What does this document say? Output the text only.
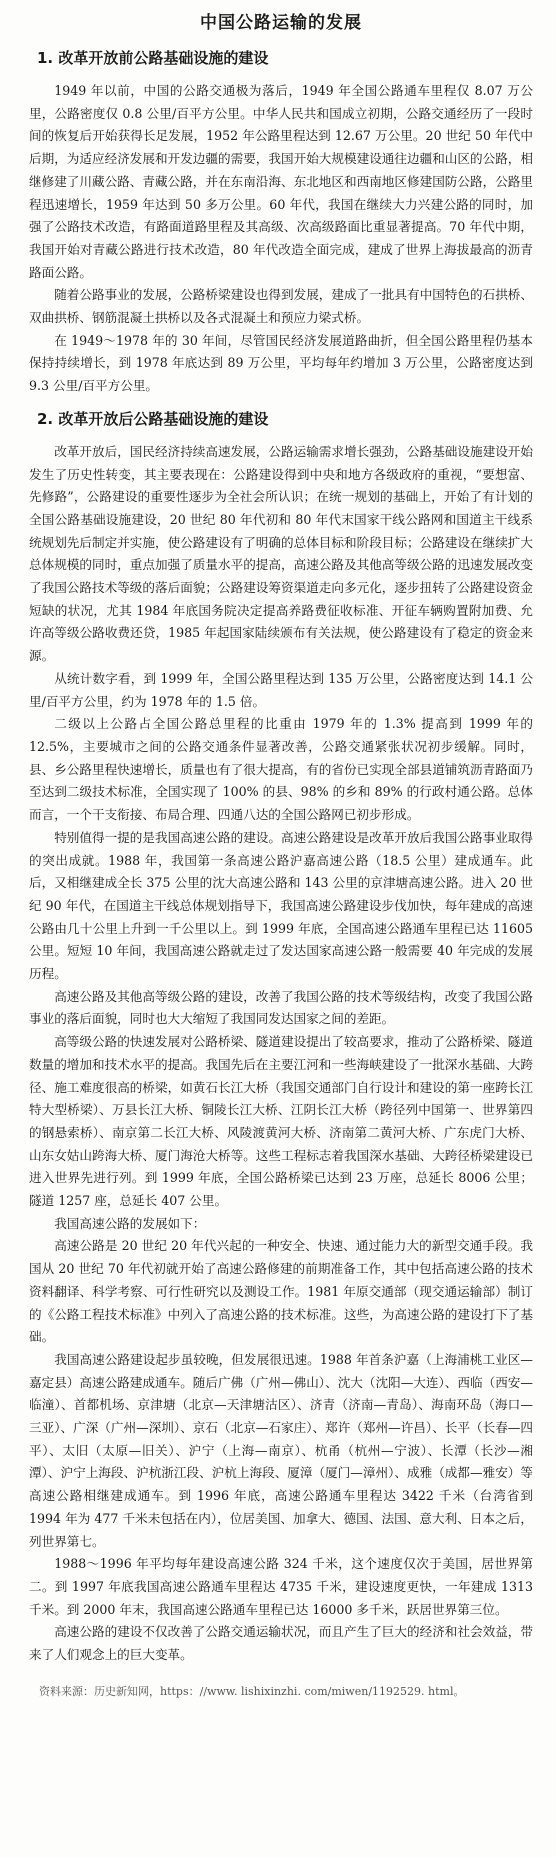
中国公路运输的发展
1. 改革开放前公路基础设施的建设

1949 年以前，中国的公路交通极为落后，1949 年全国公路通车里程仅 8.07 万公里，公路密度仅 0.8 公里/百平方公里。中华人民共和国成立初期，公路交通经历了一段时间的恢复后开始获得长足发展，1952 年公路里程达到 12.67 万公里。20 世纪 50 年代中后期，为适应经济发展和开发边疆的需要，我国开始大规模建设通往边疆和山区的公路，相继修建了川藏公路、青藏公路，并在东南沿海、东北地区和西南地区修建国防公路，公路里程迅速增长，1959 年达到 50 多万公里。60 年代，我国在继续大力兴建公路的同时，加强了公路技术改造，有路面道路里程及其高级、次高级路面比重显著提高。70 年代中期，我国开始对青藏公路进行技术改造，80 年代改造全面完成，建成了世界上海拔最高的沥青路面公路。

随着公路事业的发展，公路桥梁建设也得到发展，建成了一批具有中国特色的石拱桥、双曲拱桥、钢筋混凝土拱桥以及各式混凝土和预应力梁式桥。

在 1949～1978 年的 30 年间，尽管国民经济发展道路曲折，但全国公路里程仍基本保持持续增长，到 1978 年底达到 89 万公里，平均每年约增加 3 万公里，公路密度达到 9.3 公里/百平方公里。

2. 改革开放后公路基础设施的建设

改革开放后，国民经济持续高速发展，公路运输需求增长强劲，公路基础设施建设开始发生了历史性转变，其主要表现在：公路建设得到中央和地方各级政府的重视，“要想富、先修路”，公路建设的重要性逐步为全社会所认识；在统一规划的基础上，开始了有计划的全国公路基础设施建设，20 世纪 80 年代初和 80 年代末国家干线公路网和国道主干线系统规划先后制定并实施，使公路建设有了明确的总体目标和阶段目标；公路建设在继续扩大总体规模的同时，重点加强了质量水平的提高，高速公路及其他高等级公路的迅速发展改变了我国公路技术等级的落后面貌；公路建设筹资渠道走向多元化，逐步扭转了公路建设资金短缺的状况，尤其 1984 年底国务院决定提高养路费征收标准、开征车辆购置附加费、允许高等级公路收费还贷，1985 年起国家陆续颁布有关法规，使公路建设有了稳定的资金来源。

从统计数字看，到 1999 年，全国公路里程达到 135 万公里，公路密度达到 14.1 公里/百平方公里，约为 1978 年的 1.5 倍。

二级以上公路占全国公路总里程的比重由 1979 年的 1.3% 提高到 1999 年的 12.5%，主要城市之间的公路交通条件显著改善，公路交通紧张状况初步缓解。同时，县、乡公路里程快速增长，质量也有了很大提高，有的省份已实现全部县道铺筑沥青路面乃至达到二级技术标准，全国实现了 100% 的县、98% 的乡和 89% 的行政村通公路。总体而言，一个干支衔接、布局合理、四通八达的全国公路网已初步形成。

特别值得一提的是我国高速公路的建设。高速公路建设是改革开放后我国公路事业取得的突出成就。1988 年，我国第一条高速公路沪嘉高速公路（18.5 公里）建成通车。此后，又相继建成全长 375 公里的沈大高速公路和 143 公里的京津塘高速公路。进入 20 世纪 90 年代，在国道主干线总体规划指导下，我国高速公路建设步伐加快，每年建成的高速公路由几十公里上升到一千公里以上。到 1999 年底，全国高速公路通车里程已达 11605 公里。短短 10 年间，我国高速公路就走过了发达国家高速公路一般需要 40 年完成的发展历程。

高速公路及其他高等级公路的建设，改善了我国公路的技术等级结构，改变了我国公路事业的落后面貌，同时也大大缩短了我国同发达国家之间的差距。

高等级公路的快速发展对公路桥梁、隧道建设提出了较高要求，推动了公路桥梁、隧道数量的增加和技术水平的提高。我国先后在主要江河和一些海峡建设了一批深水基础、大跨径、施工难度很高的桥梁，如黄石长江大桥（我国交通部门自行设计和建设的第一座跨长江特大型桥梁）、万县长江大桥、铜陵长江大桥、江阴长江大桥（跨径列中国第一、世界第四的钢悬索桥）、南京第二长江大桥、风陵渡黄河大桥、济南第二黄河大桥、广东虎门大桥、山东女姑山跨海大桥、厦门海沧大桥等。这些工程标志着我国深水基础、大跨径桥梁建设已进入世界先进行列。到 1999 年底，全国公路桥梁已达到 23 万座，总延长 8006 公里；隧道 1257 座，总延长 407 公里。

我国高速公路的发展如下：

高速公路是 20 世纪 20 年代兴起的一种安全、快速、通过能力大的新型交通手段。我国从 20 世纪 70 年代初就开始了高速公路修建的前期准备工作，其中包括高速公路的技术资料翻译、科学考察、可行性研究以及测设工作。1981 年原交通部（现交通运输部）制订的《公路工程技术标准》中列入了高速公路的技术标准。这些，为高速公路的建设打下了基础。

我国高速公路建设起步虽较晚，但发展很迅速。1988 年首条沪嘉（上海浦桃工业区—嘉定县）高速公路建成通车。随后广佛（广州—佛山）、沈大（沈阳—大连）、西临（西安—临潼）、首都机场、京津塘（北京—天津塘沽区）、济青（济南—青岛）、海南环岛（海口—三亚）、广深（广州—深圳）、京石（北京—石家庄）、郑许（郑州—许昌）、长平（长春—四平）、太旧（太原—旧关）、沪宁（上海—南京）、杭甬（杭州—宁波）、长潭（长沙—湘潭）、沪宁上海段、沪杭浙江段、沪杭上海段、厦漳（厦门—漳州）、成雅（成都—雅安）等高速公路相继建成通车。到 1996 年底，高速公路通车里程达 3422 千米（台湾省到 1994 年为 477 千米未包括在内），位居美国、加拿大、德国、法国、意大利、日本之后，列世界第七。

1988～1996 年平均每年建设高速公路 324 千米，这个速度仅次于美国，居世界第二。到 1997 年底我国高速公路通车里程达 4735 千米，建设速度更快，一年建成 1313 千米。到 2000 年末，我国高速公路通车里程已达 16000 多千米，跃居世界第三位。

高速公路的建设不仅改善了公路交通运输状况，而且产生了巨大的经济和社会效益，带来了人们观念上的巨大变革。

资料来源：历史新知网，https：//www. lishixinzhi. com/miwen/1192529. html。
